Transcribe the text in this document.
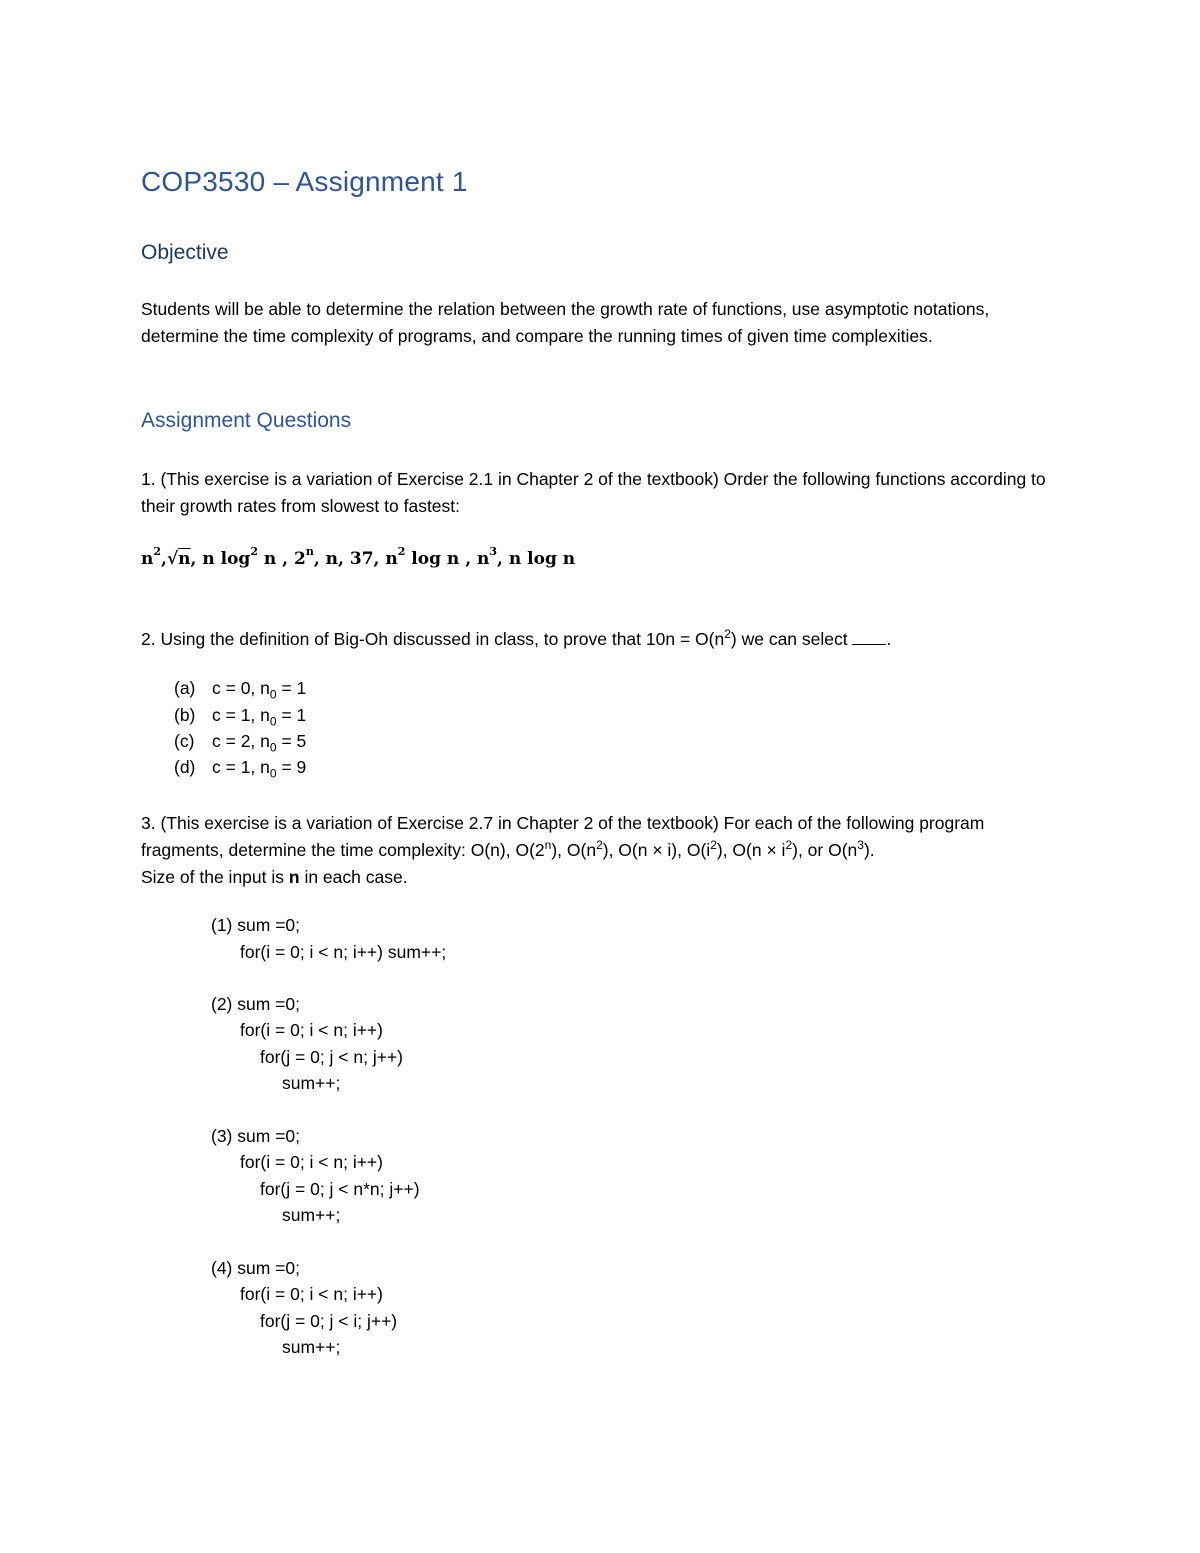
COP3530 – Assignment 1
Objective
Students will be able to determine the relation between the growth rate of functions, use asymptotic notations, determine the time complexity of programs, and compare the running times of given time complexities.
Assignment Questions
1. (This exercise is a variation of Exercise 2.1 in Chapter 2 of the textbook) Order the following functions according to their growth rates from slowest to fastest:
$n^2,√n$, n $\log^2 n$ , 2$^n$, n, 37, $n^2$ log n , $n^3$, n log n
2. Using the definition of Big-Oh discussed in class, to prove that $10n = O(n^2)$ we can select .
(a) c = 0, $n_0 = 1$
(b) c = 1, $n_0 = 1$
(c) c = 2, $n_0 = 5$
(d) c = 1, $n_0 = 9$
3. (This exercise is a variation of Exercise 2.7 in Chapter 2 of the textbook) For each of the following program fragments, determine the time complexity: O(n), O(2$^n$), $O(n^2)$, O(n × i), $O(i^2)$, $O(n \times i^2)$, or $O(n^3)$.
Size of the input is n in each case.
(1) sum =0;
for(i = 0; i < n; i++) sum++;
(2) sum =0;
for(i = 0; i < n; i++)
for(j = 0; j < n; j++)
sum++;
(3) sum =0;
for(i = 0; i < n; i++)
for(j = 0; j < n*n; j++)
sum++;
(4) sum =0;
for(i = 0; i < n; i++)
for(j = 0; j < i; j++)
sum++;
